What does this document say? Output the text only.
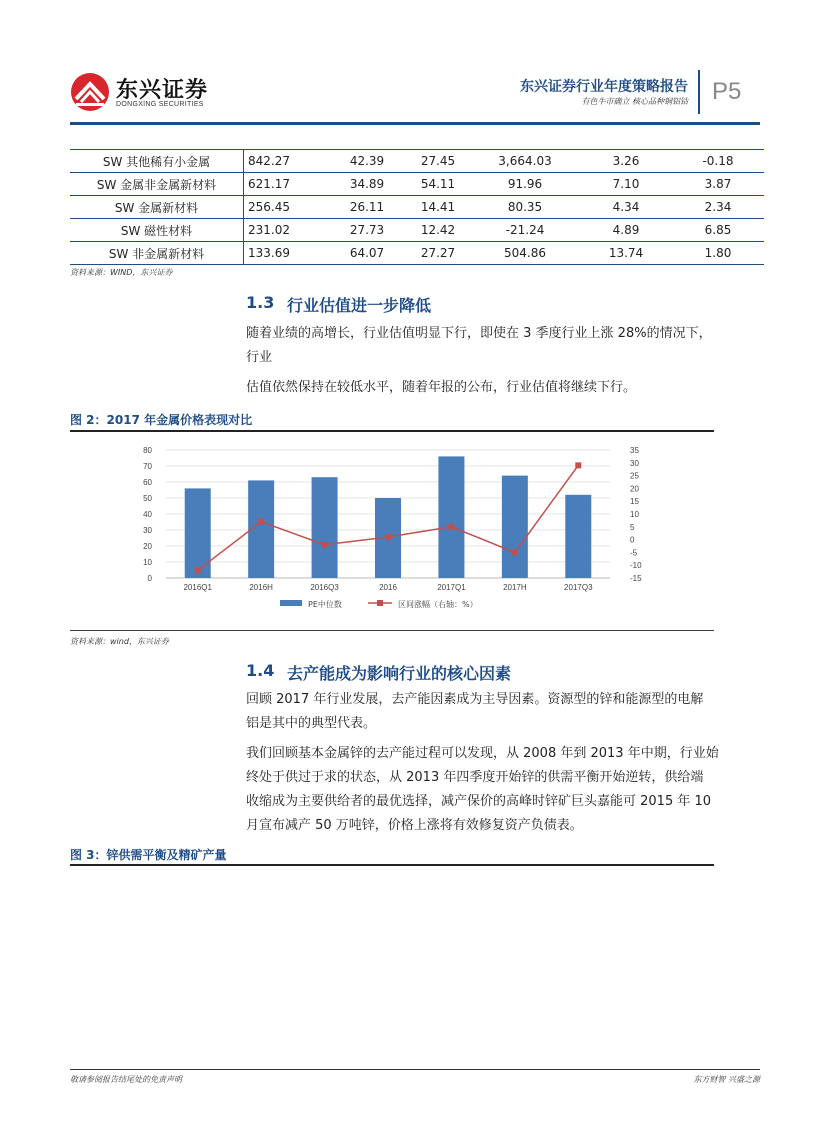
东兴证券
DONGXING SECURITIES
东兴证券行业年度策略报告
有色牛市确立 核心品种铜铝钴 P5
SW 其他稀有小金属	842.27	42.39	27.45	3,664.03	3.26	-0.18
SW 金属非金属新材料	621.17	34.89	54.11	91.96	7.10	3.87
SW 金属新材料	256.45	26.11	14.41	80.35	4.34	2.34
SW 磁性材料	231.02	27.73	12.42	-21.24	4.89	6.85
SW 非金属新材料	133.69	64.07	27.27	504.86	13.74	1.80
资料来源：WIND，东兴证券
1.3 行业估值进一步降低
随着业绩的高增长，行业估值明显下行，即使在 3 季度行业上涨 28%的情况下，
行业
估值依然保持在较低水平，随着年报的公布，行业估值将继续下行。
图 2：2017 年金属价格表现对比
0
10
20
30
40
50
60
70
80
-15
-10
-5
0
5
10
15
20
25
30
35
2016Q1	2016H	2016Q3	2016	2017Q1	2017H	2017Q3
PE中位数	区间涨幅（右轴：%）
资料来源：wind，东兴证券
1.4 去产能成为影响行业的核心因素
回顾 2017 年行业发展，去产能因素成为主导因素。资源型的锌和能源型的电解
铝是其中的典型代表。
我们回顾基本金属锌的去产能过程可以发现，从 2008 年到 2013 年中期，行业始
终处于供过于求的状态，从 2013 年四季度开始锌的供需平衡开始逆转，供给端
收缩成为主要供给者的最优选择，减产保价的高峰时锌矿巨头嘉能可 2015 年 10
月宣布减产 50 万吨锌，价格上涨将有效修复资产负债表。
图 3：锌供需平衡及精矿产量
敬请参阅报告结尾处的免责声明	东方财智 兴盛之源
